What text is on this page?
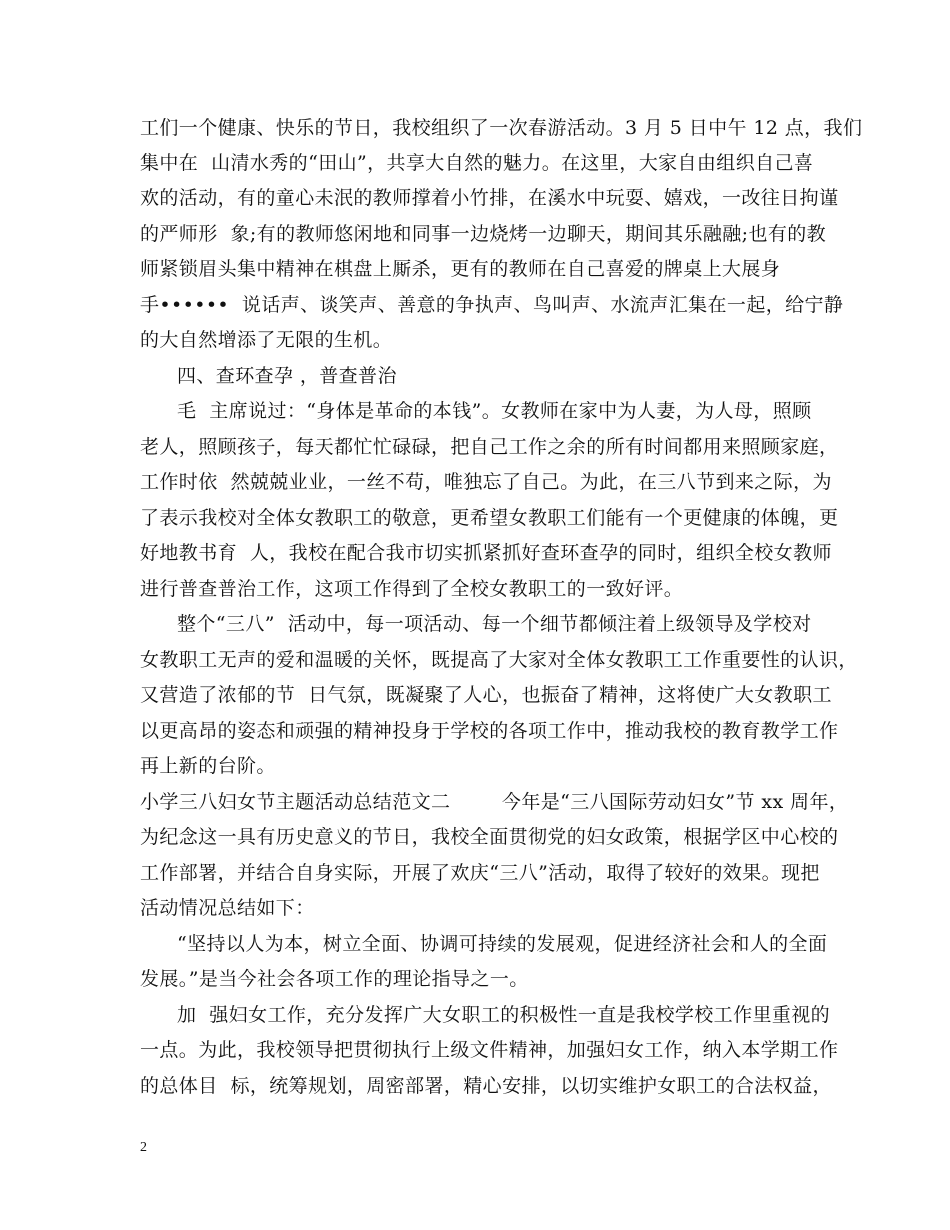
工们一个健康、快乐的节日，我校组织了一次春游活动。3 月 5 日中午 12 点，我们
集中在  山清水秀的“田山”，共享大自然的魅力。在这里，大家自由组织自己喜
欢的活动，有的童心未泯的教师撑着小竹排，在溪水中玩耍、嬉戏，一改往日拘谨
的严师形  象;有的教师悠闲地和同事一边烧烤一边聊天，期间其乐融融;也有的教
师紧锁眉头集中精神在棋盘上厮杀，更有的教师在自己喜爱的牌桌上大展身
手••••••  说话声、谈笑声、善意的争执声、鸟叫声、水流声汇集在一起，给宁静
的大自然增添了无限的生机。
四、查环查孕 ，普查普治
毛  主席说过：“身体是革命的本钱”。女教师在家中为人妻，为人母，照顾
老人，照顾孩子，每天都忙忙碌碌，把自己工作之余的所有时间都用来照顾家庭，
工作时依  然兢兢业业，一丝不苟，唯独忘了自己。为此，在三八节到来之际，为
了表示我校对全体女教职工的敬意，更希望女教职工们能有一个更健康的体魄，更
好地教书育  人，我校在配合我市切实抓紧抓好查环查孕的同时，组织全校女教师
进行普查普治工作，这项工作得到了全校女教职工的一致好评。
整个“三八”  活动中，每一项活动、每一个细节都倾注着上级领导及学校对
女教职工无声的爱和温暖的关怀，既提高了大家对全体女教职工工作重要性的认识，
又营造了浓郁的节  日气氛，既凝聚了人心，也振奋了精神，这将使广大女教职工
以更高昂的姿态和顽强的精神投身于学校的各项工作中，推动我校的教育教学工作
再上新的台阶。
小学三八妇女节主题活动总结范文二        今年是“三八国际劳动妇女”节 xx 周年，
为纪念这一具有历史意义的节日，我校全面贯彻党的妇女政策，根据学区中心校的
工作部署，并结合自身实际，开展了欢庆“三八”活动，取得了较好的效果。现把
活动情况总结如下：
“坚持以人为本，树立全面、协调可持续的发展观，促进经济社会和人的全面
发展。”是当今社会各项工作的理论指导之一。
加  强妇女工作，充分发挥广大女职工的积极性一直是我校学校工作里重视的
一点。为此，我校领导把贯彻执行上级文件精神，加强妇女工作，纳入本学期工作
的总体目  标，统筹规划，周密部署，精心安排，以切实维护女职工的合法权益，
2
